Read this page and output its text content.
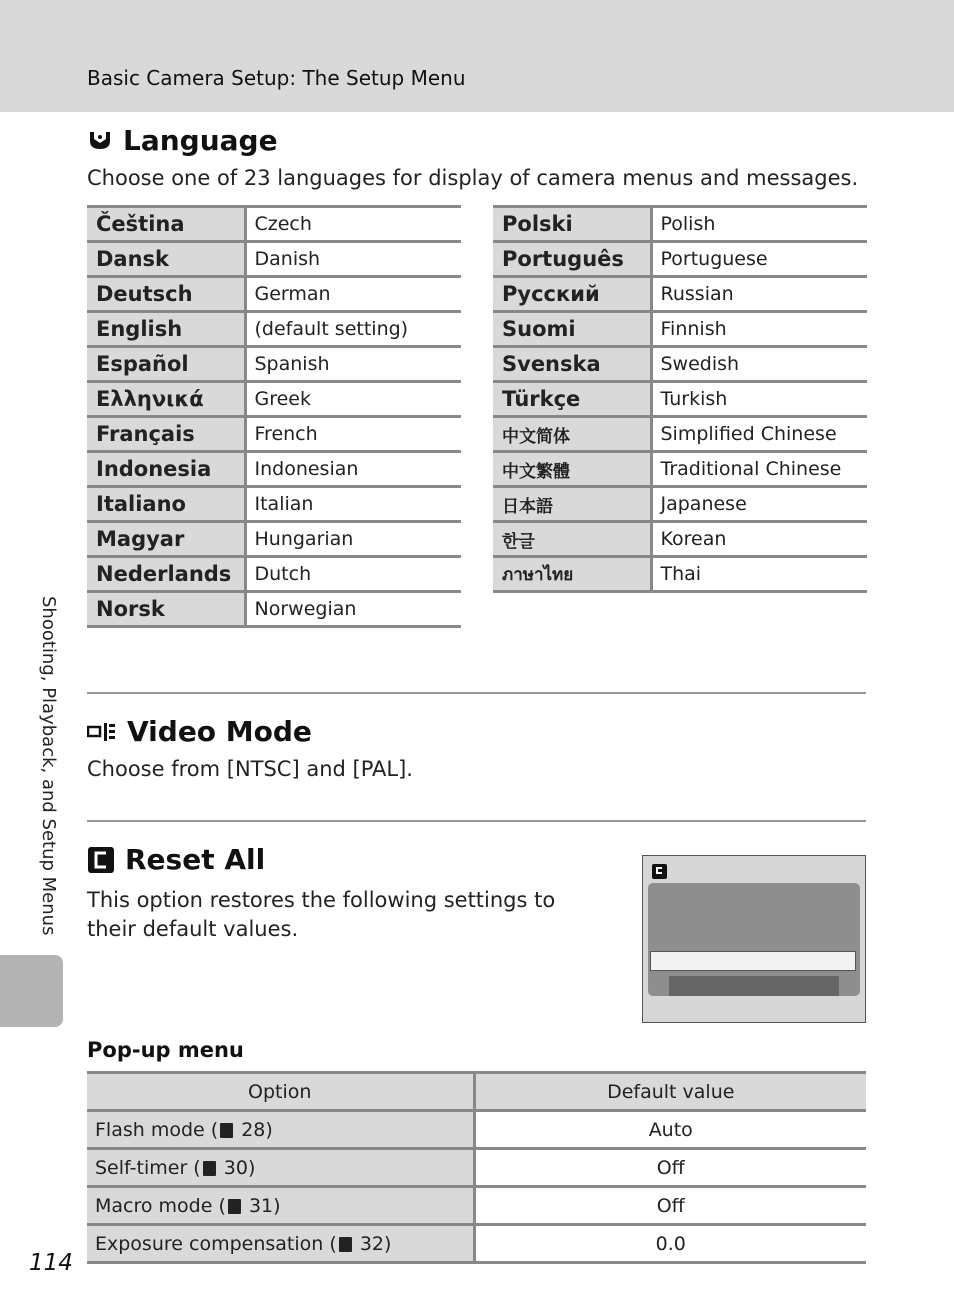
Basic Camera Setup: The Setup Menu
Language

Choose one of 23 languages for display of camera menus and messages.

Čeština	Czech
Dansk	Danish
Deutsch	German
English	(default setting)
Español	Spanish
Ελληνικά	Greek
Français	French
Indonesia	Indonesian
Italiano	Italian
Magyar	Hungarian
Nederlands	Dutch
Norsk	Norwegian
Polski	Polish
Português	Portuguese
Русский	Russian
Suomi	Finnish
Svenska	Swedish
Türkçe	Turkish
中文简体	Simplified Chinese
中文繁體	Traditional Chinese
日本語	Japanese
한글	Korean
ภาษาไทย	Thai
Video Mode

Choose from [NTSC] and [PAL].

Reset All

This option restores the following settings to their default values.

Pop-up menu
Option	Default value
Flash mode ( 28)	Auto
Self-timer ( 30)	Off
Macro mode ( 31)	Off
Exposure compensation ( 32)	0.0
Shooting, Playback, and Setup Menus
114
